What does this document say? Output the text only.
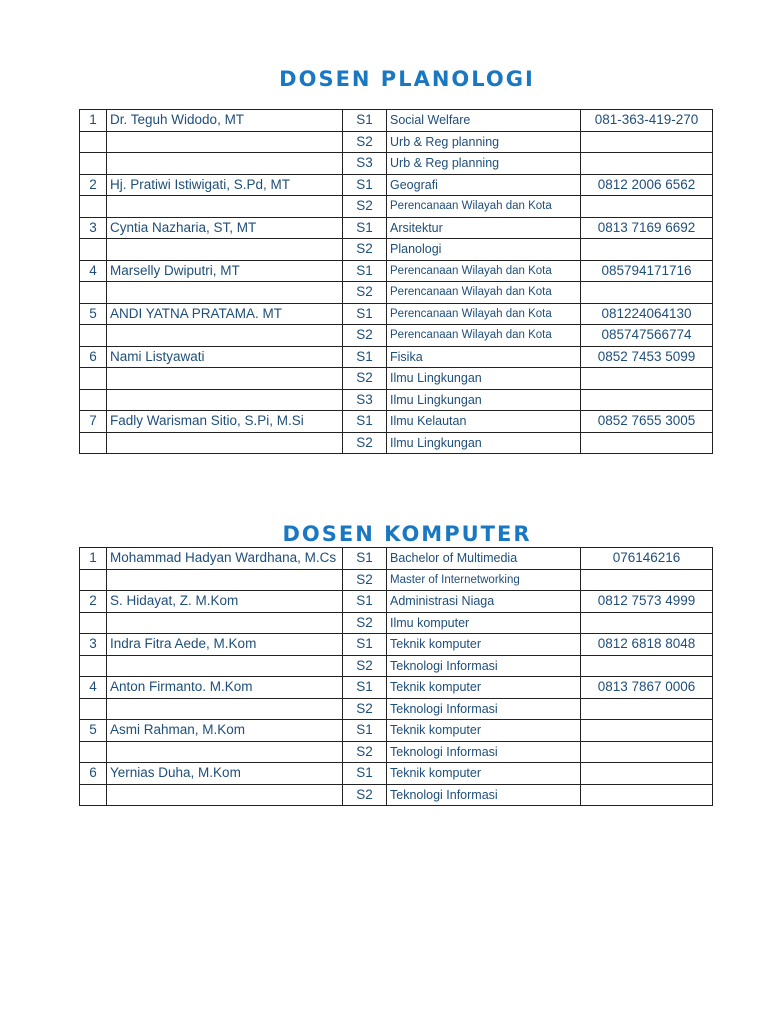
DOSEN PLANOLOGI
1	Dr. Teguh Widodo, MT	S1	Social Welfare	081-363-419-270
		S2	Urb & Reg planning	
		S3	Urb & Reg planning	
2	Hj. Pratiwi Istiwigati, S.Pd, MT	S1	Geografi	0812 2006 6562
		S2	Perencanaan Wilayah dan Kota	
3	Cyntia Nazharia, ST, MT	S1	Arsitektur	0813 7169 6692
		S2	Planologi	
4	Marselly Dwiputri, MT	S1	Perencanaan Wilayah dan Kota	085794171716
		S2	Perencanaan Wilayah dan Kota	
5	ANDI YATNA PRATAMA. MT	S1	Perencanaan Wilayah dan Kota	081224064130
		S2	Perencanaan Wilayah dan Kota	085747566774
6	Nami Listyawati	S1	Fisika	0852 7453 5099
		S2	Ilmu Lingkungan	
		S3	Ilmu Lingkungan	
7	Fadly Warisman Sitio, S.Pi, M.Si	S1	Ilmu Kelautan	0852 7655 3005
		S2	Ilmu Lingkungan	
DOSEN KOMPUTER
1	Mohammad Hadyan Wardhana, M.Cs	S1	Bachelor of Multimedia	076146216
		S2	Master of Internetworking	
2	S. Hidayat, Z. M.Kom	S1	Administrasi Niaga	0812 7573 4999
		S2	Ilmu komputer	
3	Indra Fitra Aede, M.Kom	S1	Teknik komputer	0812 6818 8048
		S2	Teknologi Informasi	
4	Anton Firmanto. M.Kom	S1	Teknik komputer	0813 7867 0006
		S2	Teknologi Informasi	
5	Asmi Rahman, M.Kom	S1	Teknik komputer	
		S2	Teknologi Informasi	
6	Yernias Duha, M.Kom	S1	Teknik komputer	
		S2	Teknologi Informasi	
